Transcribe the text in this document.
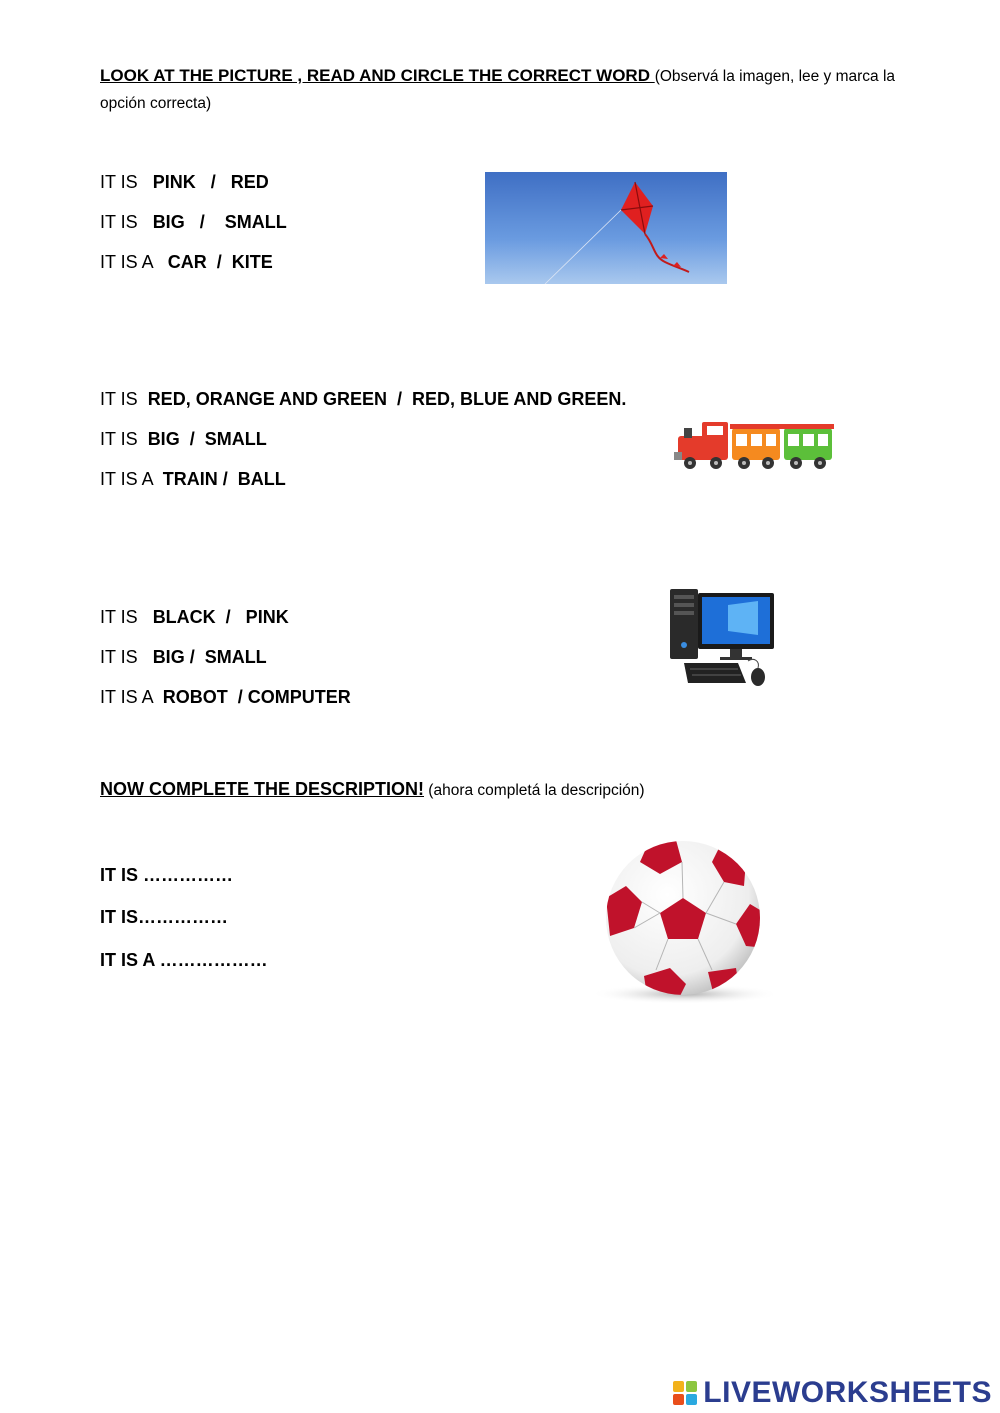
LOOK AT THE PICTURE , READ AND CIRCLE THE CORRECT WORD (Observá la imagen, lee y marca la opción correcta)
IT IS   PINK   /   RED
IT IS   BIG   /    SMALL
IT IS A   CAR  /  KITE
IT IS  RED, ORANGE AND GREEN  /  RED, BLUE AND GREEN.
IT IS  BIG  /  SMALL
IT IS A  TRAIN /  BALL
IT IS   BLACK  /   PINK
IT IS   BIG /  SMALL
IT IS A  ROBOT  / COMPUTER
NOW COMPLETE THE DESCRIPTION! (ahora completá la descripción)
IT IS ……………
IT IS……………
IT IS A ………………
LIVEWORKSHEETS
